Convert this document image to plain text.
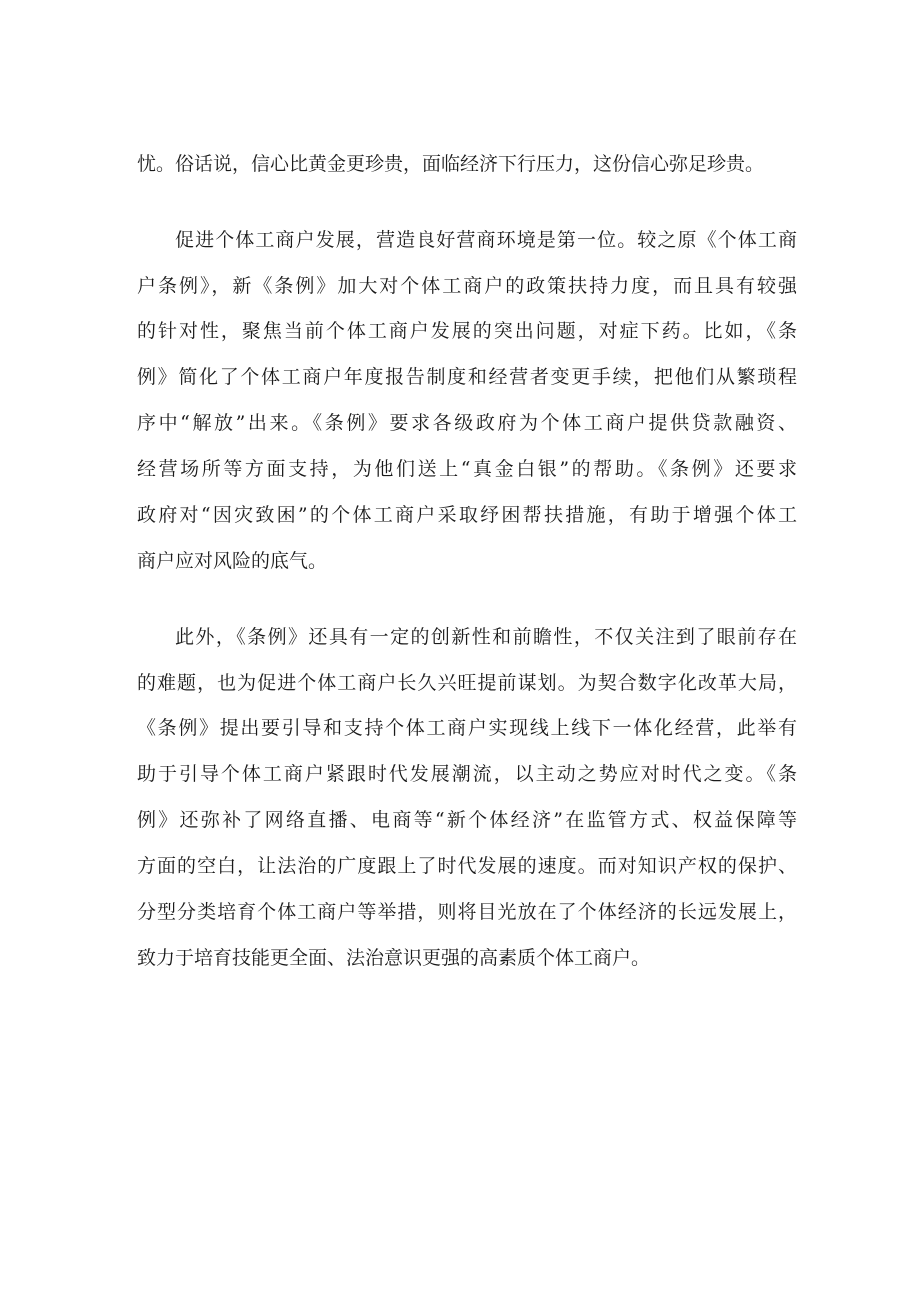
忧。俗话说，信心比黄金更珍贵，面临经济下行压力，这份信心弥足珍贵。
促进个体工商户发展，营造良好营商环境是第一位。较之原《个体工商
户条例》，新《条例》加大对个体工商户的政策扶持力度，而且具有较强
的针对性，聚焦当前个体工商户发展的突出问题，对症下药。比如，《条
例》简化了个体工商户年度报告制度和经营者变更手续，把他们从繁琐程
序中“解放”出来。《条例》要求各级政府为个体工商户提供贷款融资、
经营场所等方面支持，为他们送上“真金白银”的帮助。《条例》还要求
政府对“因灾致困”的个体工商户采取纾困帮扶措施，有助于增强个体工
商户应对风险的底气。
此外，《条例》还具有一定的创新性和前瞻性，不仅关注到了眼前存在
的难题，也为促进个体工商户长久兴旺提前谋划。为契合数字化改革大局，
《条例》提出要引导和支持个体工商户实现线上线下一体化经营，此举有
助于引导个体工商户紧跟时代发展潮流，以主动之势应对时代之变。《条
例》还弥补了网络直播、电商等“新个体经济”在监管方式、权益保障等
方面的空白，让法治的广度跟上了时代发展的速度。而对知识产权的保护、
分型分类培育个体工商户等举措，则将目光放在了个体经济的长远发展上，
致力于培育技能更全面、法治意识更强的高素质个体工商户。
